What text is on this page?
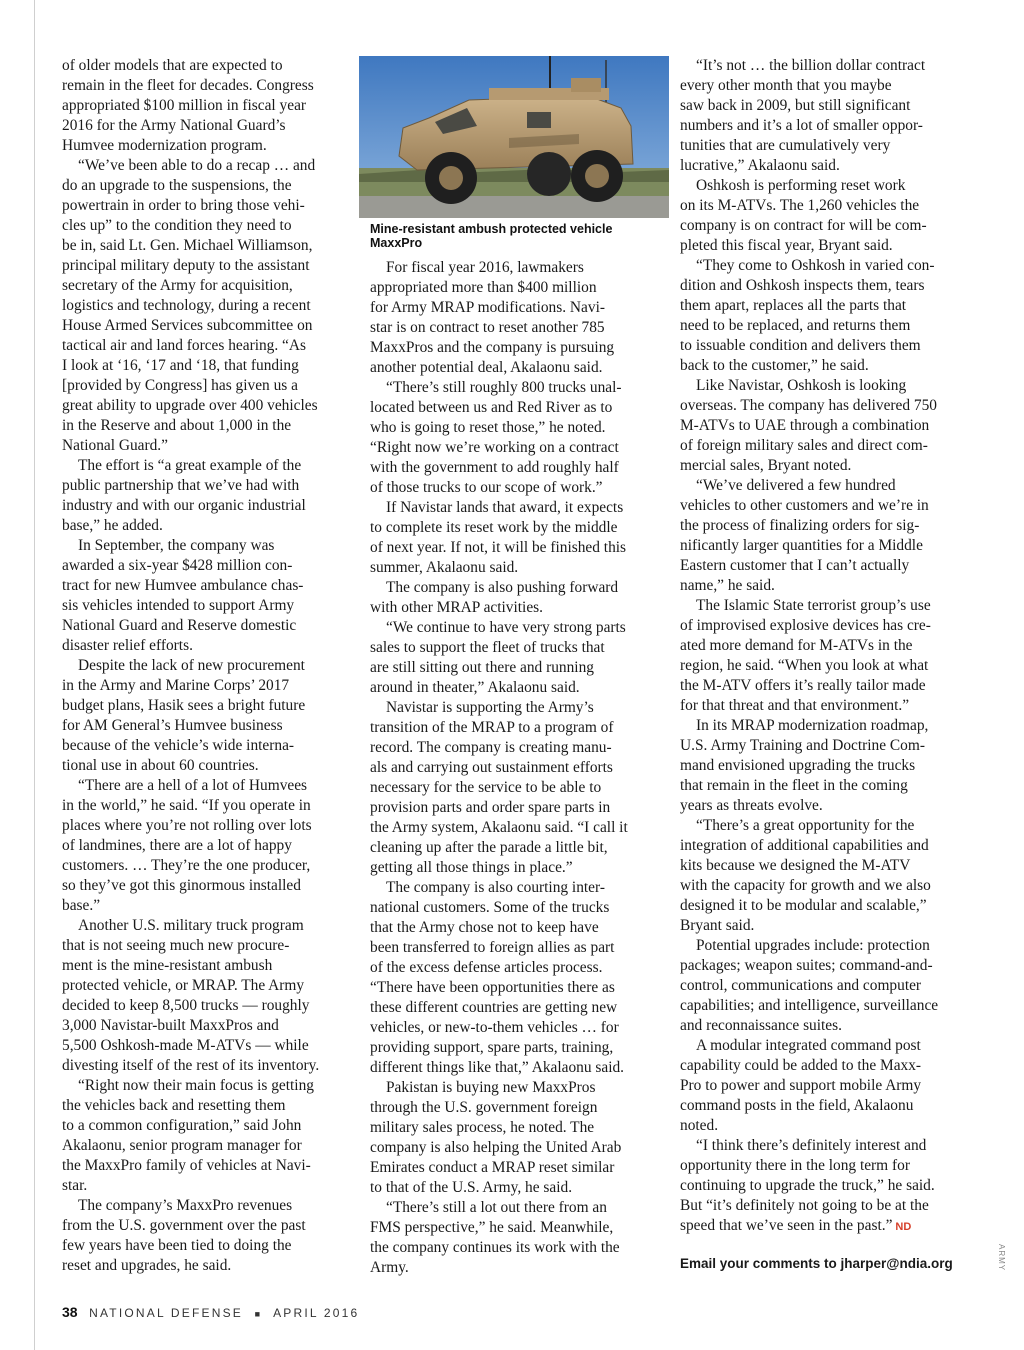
of older models that are expected to
remain in the fleet for decades. Congress
appropriated $100 million in fiscal year
2016 for the Army National Guard’s
Humvee modernization program.

“We’ve been able to do a recap … and
do an upgrade to the suspensions, the
powertrain in order to bring those vehi-
cles up” to the condition they need to
be in, said Lt. Gen. Michael Williamson,
principal military deputy to the assistant
secretary of the Army for acquisition,
logistics and technology, during a recent
House Armed Services subcommittee on
tactical air and land forces hearing. “As
I look at ‘16, ‘17 and ‘18, that funding
[provided by Congress] has given us a
great ability to upgrade over 400 vehicles
in the Reserve and about 1,000 in the
National Guard.”

The effort is “a great example of the
public partnership that we’ve had with
industry and with our organic industrial
base,” he added.

In September, the company was
awarded a six-year $428 million con-
tract for new Humvee ambulance chas-
sis vehicles intended to support Army
National Guard and Reserve domestic
disaster relief efforts.

Despite the lack of new procurement
in the Army and Marine Corps’ 2017
budget plans, Hasik sees a bright future
for AM General’s Humvee business
because of the vehicle’s wide interna-
tional use in about 60 countries.

“There are a hell of a lot of Humvees
in the world,” he said. “If you operate in
places where you’re not rolling over lots
of landmines, there are a lot of happy
customers. … They’re the one producer,
so they’ve got this ginormous installed
base.”

Another U.S. military truck program
that is not seeing much new procure-
ment is the mine-resistant ambush
protected vehicle, or MRAP. The Army
decided to keep 8,500 trucks — roughly
3,000 Navistar-built MaxxPros and
5,500 Oshkosh-made M-ATVs — while
divesting itself of the rest of its inventory.

“Right now their main focus is getting
the vehicles back and resetting them
to a common configuration,” said John
Akalaonu, senior program manager for
the MaxxPro family of vehicles at Navi-
star.

The company’s MaxxPro revenues
from the U.S. government over the past
few years have been tied to doing the
reset and upgrades, he said.

Mine-resistant ambush protected vehicle MaxxPro

For fiscal year 2016, lawmakers
appropriated more than $400 million
for Army MRAP modifications. Navi-
star is on contract to reset another 785
MaxxPros and the company is pursuing
another potential deal, Akalaonu said.

“There’s still roughly 800 trucks unal-
located between us and Red River as to
who is going to reset those,” he noted.
“Right now we’re working on a contract
with the government to add roughly half
of those trucks to our scope of work.”

If Navistar lands that award, it expects
to complete its reset work by the middle
of next year. If not, it will be finished this
summer, Akalaonu said.

The company is also pushing forward
with other MRAP activities.

“We continue to have very strong parts
sales to support the fleet of trucks that
are still sitting out there and running
around in theater,” Akalaonu said.

Navistar is supporting the Army’s
transition of the MRAP to a program of
record. The company is creating manu-
als and carrying out sustainment efforts
necessary for the service to be able to
provision parts and order spare parts in
the Army system, Akalaonu said. “I call it
cleaning up after the parade a little bit,
getting all those things in place.”

The company is also courting inter-
national customers. Some of the trucks
that the Army chose not to keep have
been transferred to foreign allies as part
of the excess defense articles process.
“There have been opportunities there as
these different countries are getting new
vehicles, or new-to-them vehicles … for
providing support, spare parts, training,
different things like that,” Akalaonu said.

Pakistan is buying new MaxxPros
through the U.S. government foreign
military sales process, he noted. The
company is also helping the United Arab
Emirates conduct a MRAP reset similar
to that of the U.S. Army, he said.

“There’s still a lot out there from an
FMS perspective,” he said. Meanwhile,
the company continues its work with the
Army.

“It’s not … the billion dollar contract
every other month that you maybe
saw back in 2009, but still significant
numbers and it’s a lot of smaller oppor-
tunities that are cumulatively very
lucrative,” Akalaonu said.

Oshkosh is performing reset work
on its M-ATVs. The 1,260 vehicles the
company is on contract for will be com-
pleted this fiscal year, Bryant said.

“They come to Oshkosh in varied con-
dition and Oshkosh inspects them, tears
them apart, replaces all the parts that
need to be replaced, and returns them
to issuable condition and delivers them
back to the customer,” he said.

Like Navistar, Oshkosh is looking
overseas. The company has delivered 750
M-ATVs to UAE through a combination
of foreign military sales and direct com-
mercial sales, Bryant noted.

“We’ve delivered a few hundred
vehicles to other customers and we’re in
the process of finalizing orders for sig-
nificantly larger quantities for a Middle
Eastern customer that I can’t actually
name,” he said.

The Islamic State terrorist group’s use
of improvised explosive devices has cre-
ated more demand for M-ATVs in the
region, he said. “When you look at what
the M-ATV offers it’s really tailor made
for that threat and that environment.”

In its MRAP modernization roadmap,
U.S. Army Training and Doctrine Com-
mand envisioned upgrading the trucks
that remain in the fleet in the coming
years as threats evolve.

“There’s a great opportunity for the
integration of additional capabilities and
kits because we designed the M-ATV
with the capacity for growth and we also
designed it to be modular and scalable,”
Bryant said.

Potential upgrades include: protection
packages; weapon suites; command-and-
control, communications and computer
capabilities; and intelligence, surveillance
and reconnaissance suites.

A modular integrated command post
capability could be added to the Maxx-
Pro to power and support mobile Army
command posts in the field, Akalaonu
noted.

“I think there’s definitely interest and
opportunity there in the long term for
continuing to upgrade the truck,” he said.
But “it’s definitely not going to be at the
speed that we’ve seen in the past.” ND

Email your comments to jharper@ndia.org	ARMY
38 NATIONAL DEFENSE ■ APRIL 2016
